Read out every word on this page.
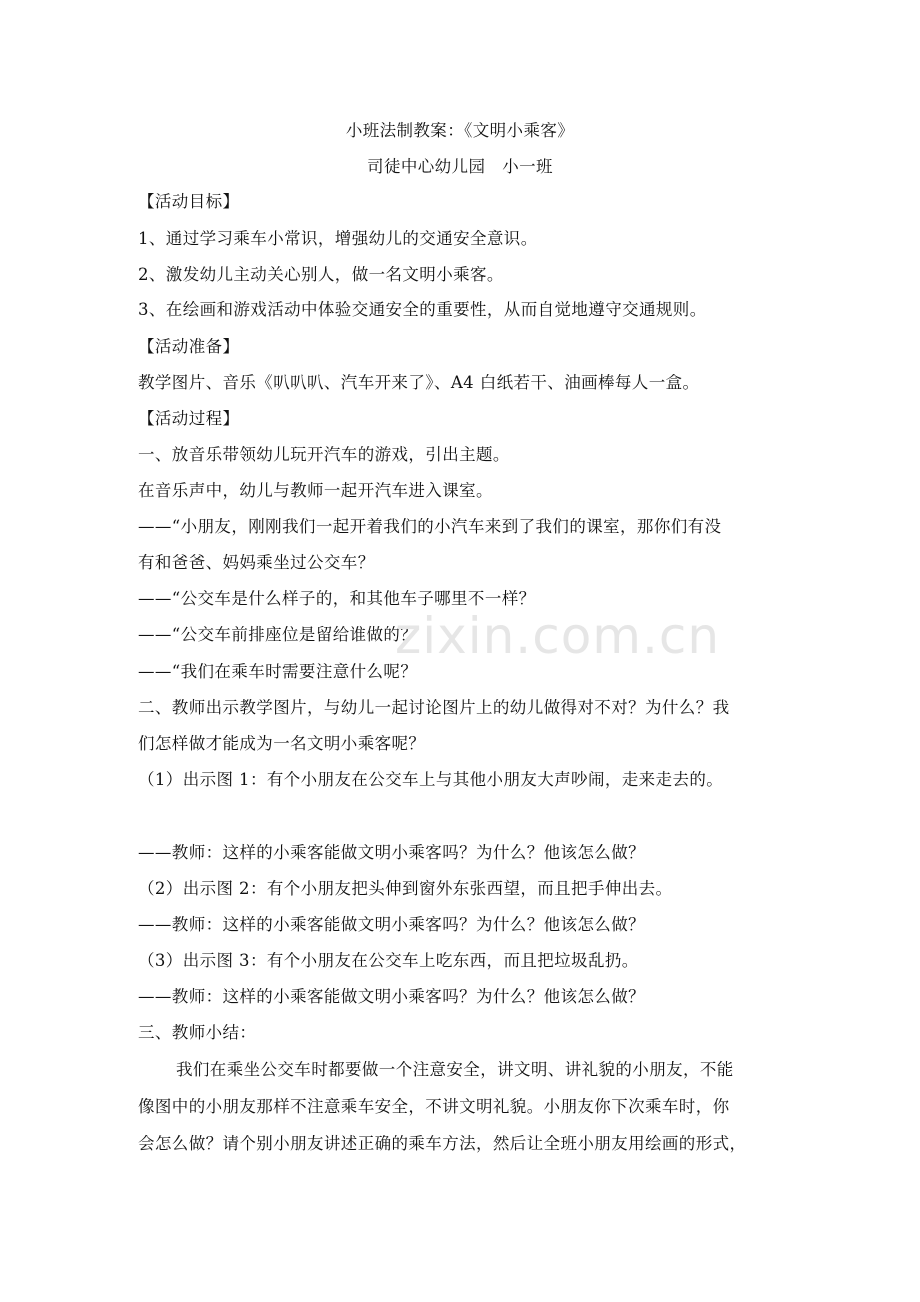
小班法制教案：《文明小乘客》
司徒中心幼儿园　小一班
【活动目标】
1、通过学习乘车小常识，增强幼儿的交通安全意识。
2、激发幼儿主动关心别人，做一名文明小乘客。
3、在绘画和游戏活动中体验交通安全的重要性，从而自觉地遵守交通规则。
【活动准备】
教学图片、音乐《叭叭叭、汽车开来了》、A4 白纸若干、油画棒每人一盒。
【活动过程】
一、放音乐带领幼儿玩开汽车的游戏，引出主题。
在音乐声中，幼儿与教师一起开汽车进入课室。
——“小朋友，刚刚我们一起开着我们的小汽车来到了我们的课室，那你们有没
有和爸爸、妈妈乘坐过公交车？
——“公交车是什么样子的，和其他车子哪里不一样？
——“公交车前排座位是留给谁做的？
——“我们在乘车时需要注意什么呢？
二、教师出示教学图片，与幼儿一起讨论图片上的幼儿做得对不对？为什么？我
们怎样做才能成为一名文明小乘客呢？
（1）出示图 1：有个小朋友在公交车上与其他小朋友大声吵闹，走来走去的。
——教师：这样的小乘客能做文明小乘客吗？为什么？他该怎么做？
（2）出示图 2：有个小朋友把头伸到窗外东张西望，而且把手伸出去。
——教师：这样的小乘客能做文明小乘客吗？为什么？他该怎么做？
（3）出示图 3：有个小朋友在公交车上吃东西，而且把垃圾乱扔。
——教师：这样的小乘客能做文明小乘客吗？为什么？他该怎么做？
三、教师小结：
我们在乘坐公交车时都要做一个注意安全，讲文明、讲礼貌的小朋友，不能
像图中的小朋友那样不注意乘车安全，不讲文明礼貌。小朋友你下次乘车时，你
会怎么做？请个别小朋友讲述正确的乘车方法，然后让全班小朋友用绘画的形式，
zixin.com.cn
